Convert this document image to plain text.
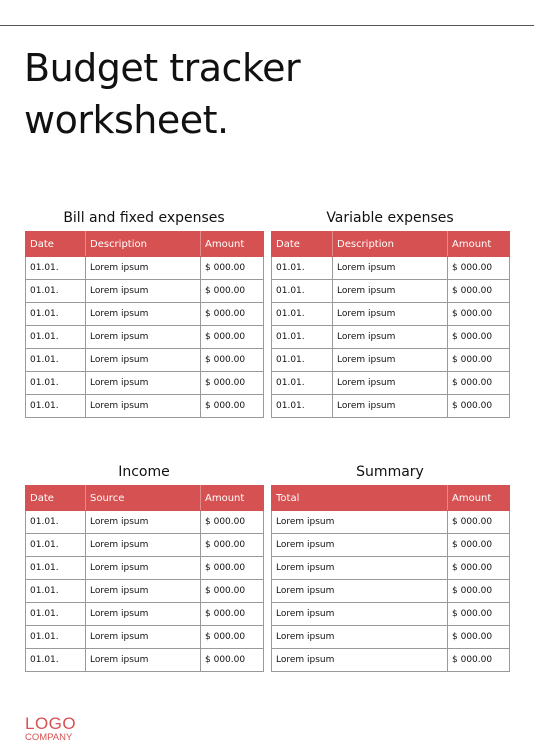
Budget tracker worksheet.
Bill and fixed expenses
Date	Description	Amount
01.01.	Lorem ipsum	$ 000.00
01.01.	Lorem ipsum	$ 000.00
01.01.	Lorem ipsum	$ 000.00
01.01.	Lorem ipsum	$ 000.00
01.01.	Lorem ipsum	$ 000.00
01.01.	Lorem ipsum	$ 000.00
01.01.	Lorem ipsum	$ 000.00
Variable expenses
Date	Description	Amount
01.01.	Lorem ipsum	$ 000.00
01.01.	Lorem ipsum	$ 000.00
01.01.	Lorem ipsum	$ 000.00
01.01.	Lorem ipsum	$ 000.00
01.01.	Lorem ipsum	$ 000.00
01.01.	Lorem ipsum	$ 000.00
01.01.	Lorem ipsum	$ 000.00
Income
Date	Source	Amount
01.01.	Lorem ipsum	$ 000.00
01.01.	Lorem ipsum	$ 000.00
01.01.	Lorem ipsum	$ 000.00
01.01.	Lorem ipsum	$ 000.00
01.01.	Lorem ipsum	$ 000.00
01.01.	Lorem ipsum	$ 000.00
01.01.	Lorem ipsum	$ 000.00
Summary
Total	Amount
Lorem ipsum	$ 000.00
Lorem ipsum	$ 000.00
Lorem ipsum	$ 000.00
Lorem ipsum	$ 000.00
Lorem ipsum	$ 000.00
Lorem ipsum	$ 000.00
Lorem ipsum	$ 000.00
LOGO
COMPANY
